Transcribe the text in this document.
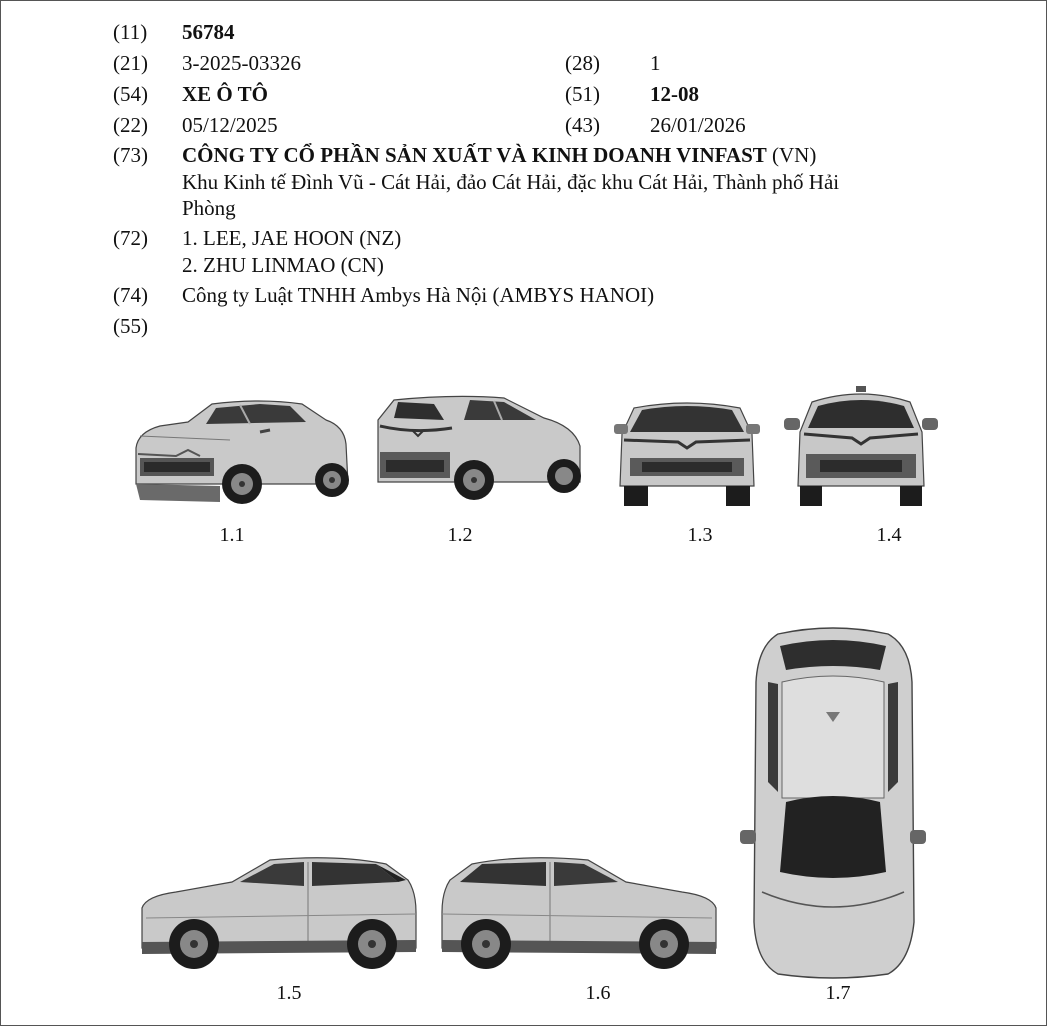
(11) 56784
(21) 3-2025-03326	(28) 1
(54) XE Ô TÔ	(51) 12-08
(22) 05/12/2025	(43) 26/01/2026
(73) CÔNG TY CỔ PHẦN SẢN XUẤT VÀ KINH DOANH VINFAST (VN)
Khu Kinh tế Đình Vũ - Cát Hải, đảo Cát Hải, đặc khu Cát Hải, Thành phố Hải
Phòng
(72) 1. LEE, JAE HOON (NZ)
2. ZHU LINMAO (CN)
(74) Công ty Luật TNHH Ambys Hà Nội (AMBYS HANOI)
(55)
1.1	1.2	1.3	1.4
1.5	1.6	1.7
